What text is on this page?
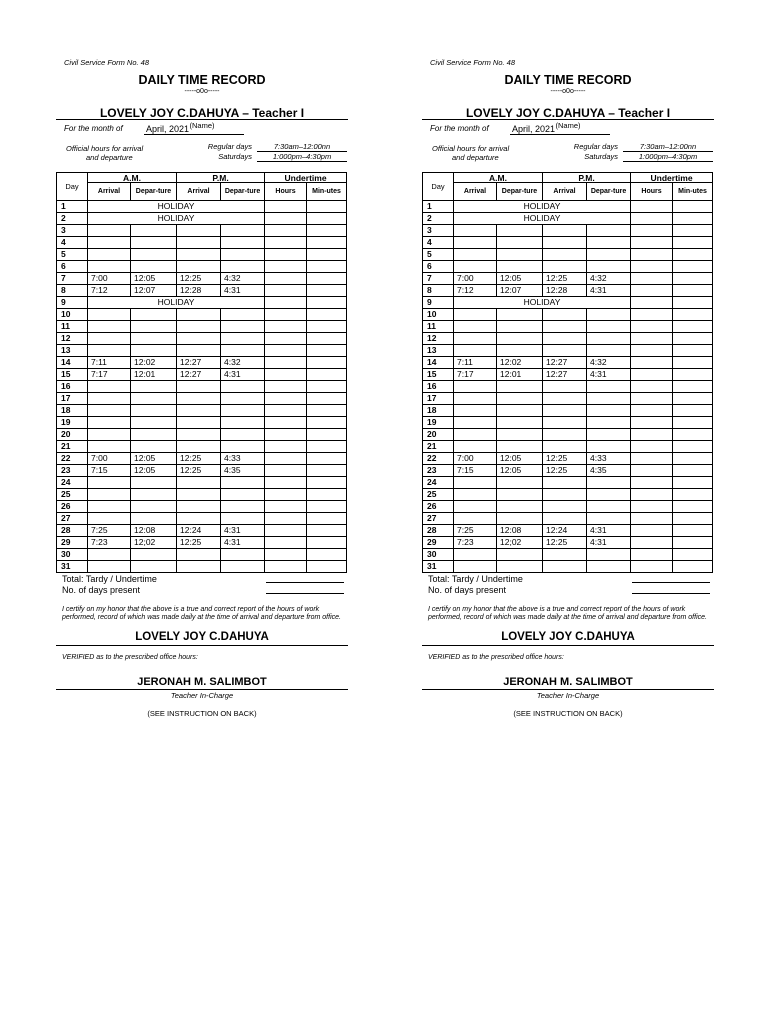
Civil Service Form No. 48
DAILY TIME RECORD
-----o0o-----
LOVELY JOY C.DAHUYA – Teacher I
(Name)
For the month of	April, 2021
Official hours for arrival
and departure
Regular days
Saturdays
7:30am–12:00nn
1:000pm–4:30pm
Day	A.M.		P.M.		Undertime	
	Arrival	Depar-ture	Arrival	Depar-ture	Hours	Min-utes
1	HOLIDAY					
2	HOLIDAY					
3						
4						
5						
6						
7	7:00	12:05	12:25	4:32		
8	7:12	12:07	12:28	4:31		
9	HOLIDAY					
10						
11						
12						
13						
14	7:11	12:02	12:27	4:32		
15	7:17	12:01	12:27	4:31		
16						
17						
18						
19						
20						
21						
22	7:00	12:05	12:25	4:33		
23	7:15	12:05	12:25	4:35		
24						
25						
26						
27						
28	7:25	12:08	12:24	4:31		
29	7:23	12;02	12:25	4:31		
30						
31						
Total: Tardy / Undertime
No. of days present
I certify on my honor that the above is a true and correct report of the hours of work performed, record of which was made daily at the time of arrival and departure from office.
LOVELY JOY C.DAHUYA
VERIFIED as to the prescribed office hours:
JERONAH M. SALIMBOT
Teacher In-Charge
(SEE INSTRUCTION ON BACK)
Civil Service Form No. 48
DAILY TIME RECORD
-----o0o-----
LOVELY JOY C.DAHUYA – Teacher I
(Name)
For the month of	April, 2021
Official hours for arrival
and departure
Regular days
Saturdays
7:30am–12:00nn
1:000pm–4:30pm
Day	A.M.		P.M.		Undertime	
	Arrival	Depar-ture	Arrival	Depar-ture	Hours	Min-utes
1	HOLIDAY					
2	HOLIDAY					
3						
4						
5						
6						
7	7:00	12:05	12:25	4:32		
8	7:12	12:07	12:28	4:31		
9	HOLIDAY					
10						
11						
12						
13						
14	7:11	12:02	12:27	4:32		
15	7:17	12:01	12:27	4:31		
16						
17						
18						
19						
20						
21						
22	7:00	12:05	12:25	4:33		
23	7:15	12:05	12:25	4:35		
24						
25						
26						
27						
28	7:25	12:08	12:24	4:31		
29	7:23	12;02	12:25	4:31		
30						
31						
Total: Tardy / Undertime
No. of days present
I certify on my honor that the above is a true and correct report of the hours of work performed, record of which was made daily at the time of arrival and departure from office.
LOVELY JOY C.DAHUYA
VERIFIED as to the prescribed office hours:
JERONAH M. SALIMBOT
Teacher In-Charge
(SEE INSTRUCTION ON BACK)
